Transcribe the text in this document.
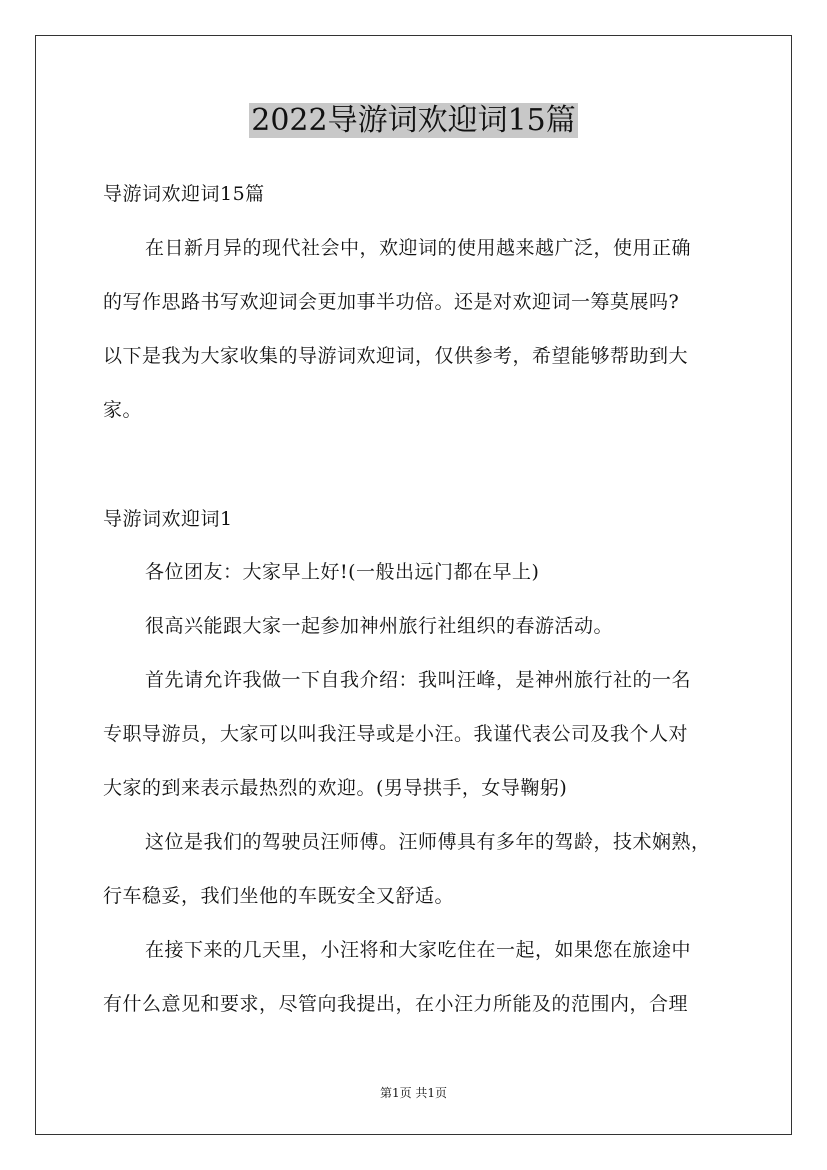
2022导游词欢迎词15篇
导游词欢迎词15篇
在日新月异的现代社会中，欢迎词的使用越来越广泛，使用正确
的写作思路书写欢迎词会更加事半功倍。还是对欢迎词一筹莫展吗?
以下是我为大家收集的导游词欢迎词，仅供参考，希望能够帮助到大
家。
导游词欢迎词1
各位团友：大家早上好!(一般出远门都在早上)
很高兴能跟大家一起参加神州旅行社组织的春游活动。
首先请允许我做一下自我介绍：我叫汪峰，是神州旅行社的一名
专职导游员，大家可以叫我汪导或是小汪。我谨代表公司及我个人对
大家的到来表示最热烈的欢迎。(男导拱手，女导鞠躬)
这位是我们的驾驶员汪师傅。汪师傅具有多年的驾龄，技术娴熟，
行车稳妥，我们坐他的车既安全又舒适。
在接下来的几天里，小汪将和大家吃住在一起，如果您在旅途中
有什么意见和要求，尽管向我提出，在小汪力所能及的范围内，合理
第1页 共1页
